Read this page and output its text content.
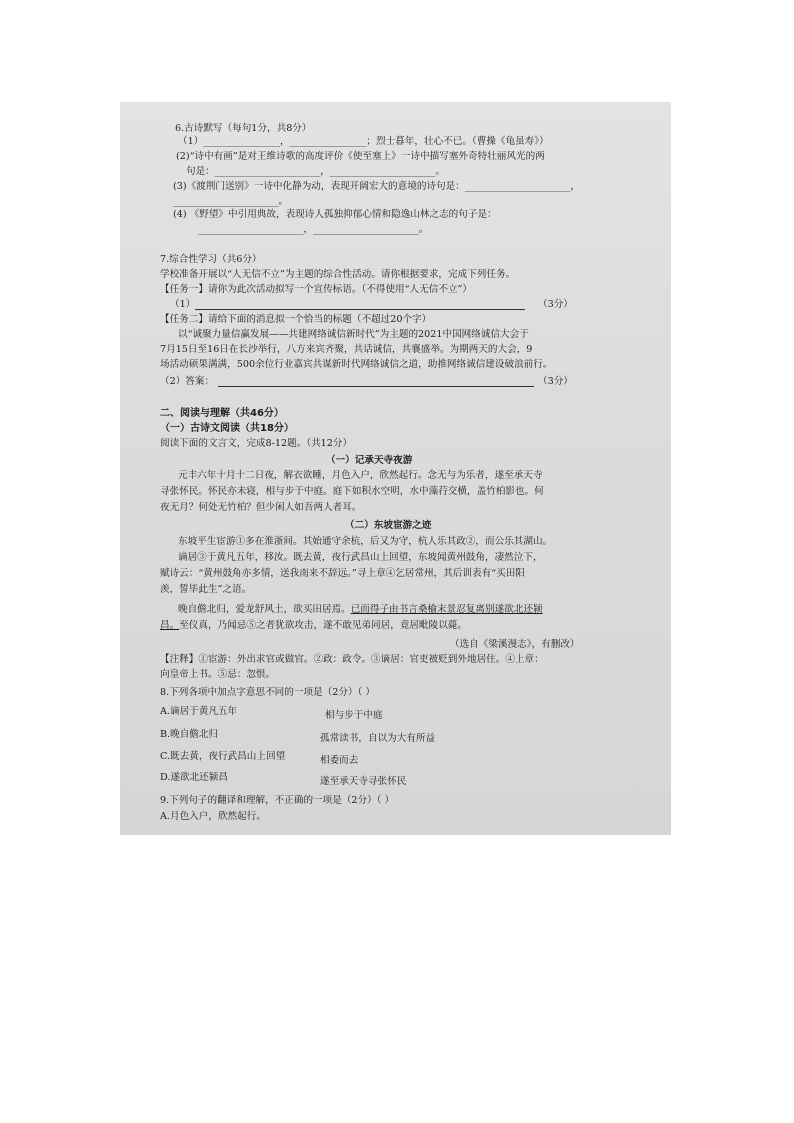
6.古诗默写（每句1分，共8分）
（1）________________，________________；烈士暮年，壮心不已。（曹操《龟虽寿》）
(2)“诗中有画”是对王维诗歌的高度评价《使至塞上》一诗中描写塞外奇特壮丽风光的两
句是：______________________，______________________。
(3)《渡荆门送别》一诗中化静为动，表现开阔宏大的意境的诗句是：______________________，
______________________。
(4) 《野望》中引用典故，表现诗人孤独抑郁心情和隐逸山林之志的句子是：
______________________，______________________。
7.综合性学习（共6分）
学校准备开展以“人无信不立”为主题的综合性活动。请你根据要求，完成下列任务。
【任务一】请你为此次活动拟写一个宣传标语。（不得使用“人无信不立”）
（1）	（3分）
【任务二】请给下面的消息拟一个恰当的标题（不超过20个字）
以“诚聚力量信赢发展——共建网络诚信新时代”为主题的2021中国网络诚信大会于
7月15日至16日在长沙举行，八方来宾齐聚，共话诚信，共襄盛举。为期两天的大会，9
场活动硕果满满，500余位行业嘉宾共谋新时代网络诚信之道，助推网络诚信建设破浪前行。
（2）答案：	（3分）
二、阅读与理解（共46分）
（一）古诗文阅读（共18分）
阅读下面的文言文，完成8-12题。（共12分）
（一）记承天寺夜游
元丰六年十月十二日夜，解衣欲睡，月色入户，欣然起行。念无与为乐者，遂至承天寺
寻张怀民。怀民亦未寝，相与步于中庭。庭下如积水空明，水中藻荇交横，盖竹柏影也。何
夜无月？何处无竹柏？但少闲人如吾两人者耳。
（二）东坡宦游之迹
东坡平生宦游①多在淮浙间。其始通守余杭，后又为守，杭人乐其政②，而公乐其湖山。
谪居③于黄凡五年，移汝。既去黄，夜行武昌山上回望，东坡闻黄州鼓角，凄然泣下，
赋诗云：“黄州鼓角亦多情，送我南来不辞远。”寻上章④乞居常州，其后训表有“买田阳
羡，誓毕此生”之语。
晚自儋北归，爱龙舒风土，欲买田居焉。已而得子由书言桑榆末景忍复离别遂欲北还颍
昌。至仪真，乃闻忌⑤之者犹欲攻击，遂不敢见弟同居，竟居毗陵以薨。
（选自《梁溪漫志》，有删改）
【注释】①宦游：外出求官或做官。②政：政令。③谪居：官吏被贬到外地居住。④上章：
向皇帝上书。⑤忌：忽恨。
8.下列各项中加点字意思不同的一项是（2分）（ ）
A.谪居于黄凡五年	相与步于中庭
B.晚自儋北归	孤常读书，自以为大有所益
C.既去黄，夜行武昌山上回望	相委而去
D.遂欲北还颍昌	遂至承天寺寻张怀民
9.下列句子的翻译和理解，不正确的一项是（2分）（ ）
A.月色入户，欣然起行。
